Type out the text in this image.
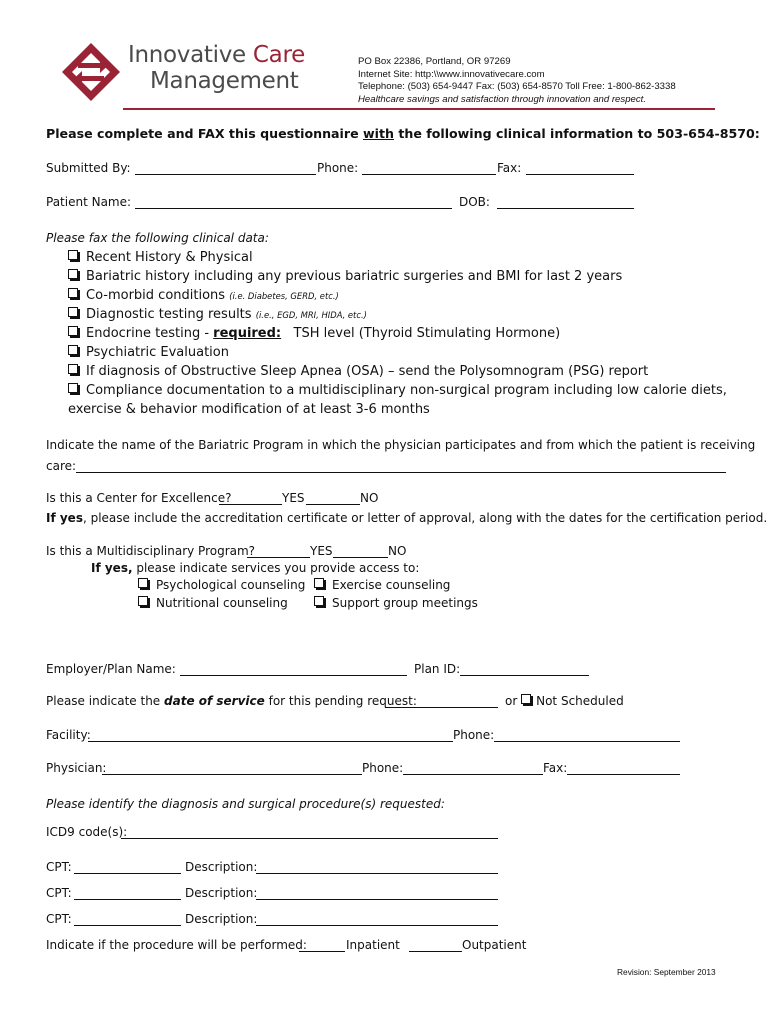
Innovative Care
Management
PO Box 22386, Portland, OR 97269
Internet Site: http:\\www.innovativecare.com
Telephone: (503) 654-9447 Fax: (503) 654-8570 Toll Free: 1-800-862-3338
Healthcare savings and satisfaction through innovation and respect.
Please complete and FAX this questionnaire with the following clinical information to 503-654-8570:
Submitted By:	Phone:	Fax:
Patient Name:	DOB:
Please fax the following clinical data:
Recent History & Physical
Bariatric history including any previous bariatric surgeries and BMI for last 2 years
Co-morbid conditions (i.e. Diabetes, GERD, etc.)
Diagnostic testing results (i.e., EGD, MRI, HIDA, etc.)
Endocrine testing - required: TSH level (Thyroid Stimulating Hormone)
Psychiatric Evaluation
If diagnosis of Obstructive Sleep Apnea (OSA) – send the Polysomnogram (PSG) report
Compliance documentation to a multidisciplinary non-surgical program including low calorie diets,
exercise & behavior modification of at least 3-6 months
Indicate the name of the Bariatric Program in which the physician participates and from which the patient is receiving
care:
Is this a Center for Excellence?	YES	NO
If yes, please include the accreditation certificate or letter of approval, along with the dates for the certification period.
Is this a Multidisciplinary Program?	YES	NO
If yes, please indicate services you provide access to:
Psychological counseling	Exercise counseling
Nutritional counseling	Support group meetings
Employer/Plan Name:	Plan ID:
Please indicate the date of service for this pending request:	or Not Scheduled
Facility:	Phone:
Physician:	Phone:	Fax:
Please identify the diagnosis and surgical procedure(s) requested:
ICD9 code(s):
CPT:	Description:
CPT:	Description:
CPT:	Description:
Indicate if the procedure will be performed:	Inpatient	Outpatient
Revision: September 2013
